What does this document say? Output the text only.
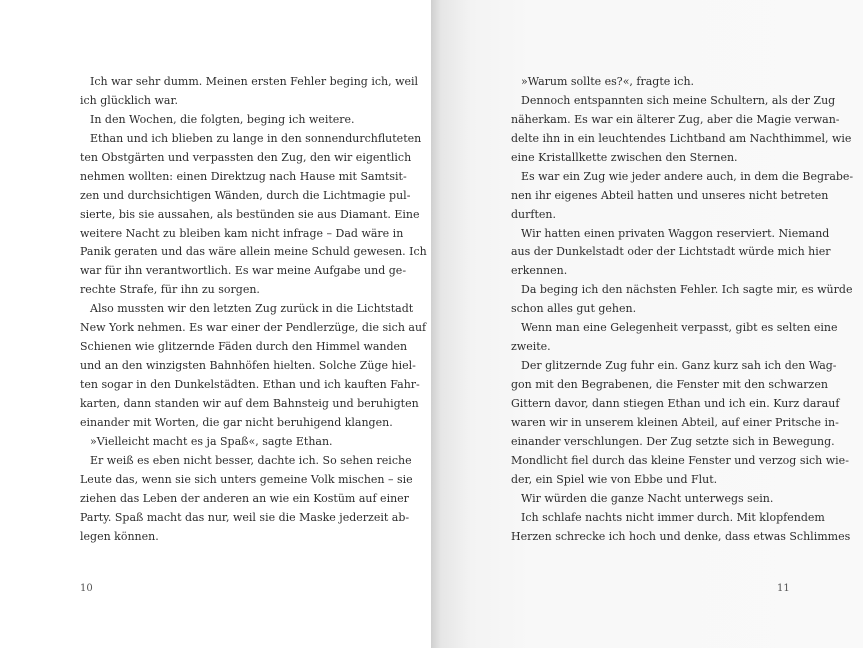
Ich war sehr dumm. Meinen ersten Fehler beging ich, weil
ich glücklich war.
In den Wochen, die folgten, beging ich weitere.
Ethan und ich blieben zu lange in den sonnendurchfluteten
ten Obstgärten und verpassten den Zug, den wir eigentlich
nehmen wollten: einen Direktzug nach Hause mit Samtsit-
zen und durchsichtigen Wänden, durch die Lichtmagie pul-
sierte, bis sie aussahen, als bestünden sie aus Diamant. Eine
weitere Nacht zu bleiben kam nicht infrage – Dad wäre in
Panik geraten und das wäre allein meine Schuld gewesen. Ich
war für ihn verantwortlich. Es war meine Aufgabe und ge-
rechte Strafe, für ihn zu sorgen.
Also mussten wir den letzten Zug zurück in die Lichtstadt
New York nehmen. Es war einer der Pendlerzüge, die sich auf
Schienen wie glitzernde Fäden durch den Himmel wanden
und an den winzigsten Bahnhöfen hielten. Solche Züge hiel-
ten sogar in den Dunkelstädten. Ethan und ich kauften Fahr-
karten, dann standen wir auf dem Bahnsteig und beruhigten
einander mit Worten, die gar nicht beruhigend klangen.
»Vielleicht macht es ja Spaß«, sagte Ethan.
Er weiß es eben nicht besser, dachte ich. So sehen reiche
Leute das, wenn sie sich unters gemeine Volk mischen – sie
ziehen das Leben der anderen an wie ein Kostüm auf einer
Party. Spaß macht das nur, weil sie die Maske jederzeit ab-
legen können.
10
»Warum sollte es?«, fragte ich.
Dennoch entspannten sich meine Schultern, als der Zug
näherkam. Es war ein älterer Zug, aber die Magie verwan-
delte ihn in ein leuchtendes Lichtband am Nachthimmel, wie
eine Kristallkette zwischen den Sternen.
Es war ein Zug wie jeder andere auch, in dem die Begrabe-
nen ihr eigenes Abteil hatten und unseres nicht betreten
durften.
Wir hatten einen privaten Waggon reserviert. Niemand
aus der Dunkelstadt oder der Lichtstadt würde mich hier
erkennen.
Da beging ich den nächsten Fehler. Ich sagte mir, es würde
schon alles gut gehen.
Wenn man eine Gelegenheit verpasst, gibt es selten eine
zweite.
Der glitzernde Zug fuhr ein. Ganz kurz sah ich den Wag-
gon mit den Begrabenen, die Fenster mit den schwarzen
Gittern davor, dann stiegen Ethan und ich ein. Kurz darauf
waren wir in unserem kleinen Abteil, auf einer Pritsche in-
einander verschlungen. Der Zug setzte sich in Bewegung.
Mondlicht fiel durch das kleine Fenster und verzog sich wie-
der, ein Spiel wie von Ebbe und Flut.
Wir würden die ganze Nacht unterwegs sein.
Ich schlafe nachts nicht immer durch. Mit klopfendem
Herzen schrecke ich hoch und denke, dass etwas Schlimmes
11
